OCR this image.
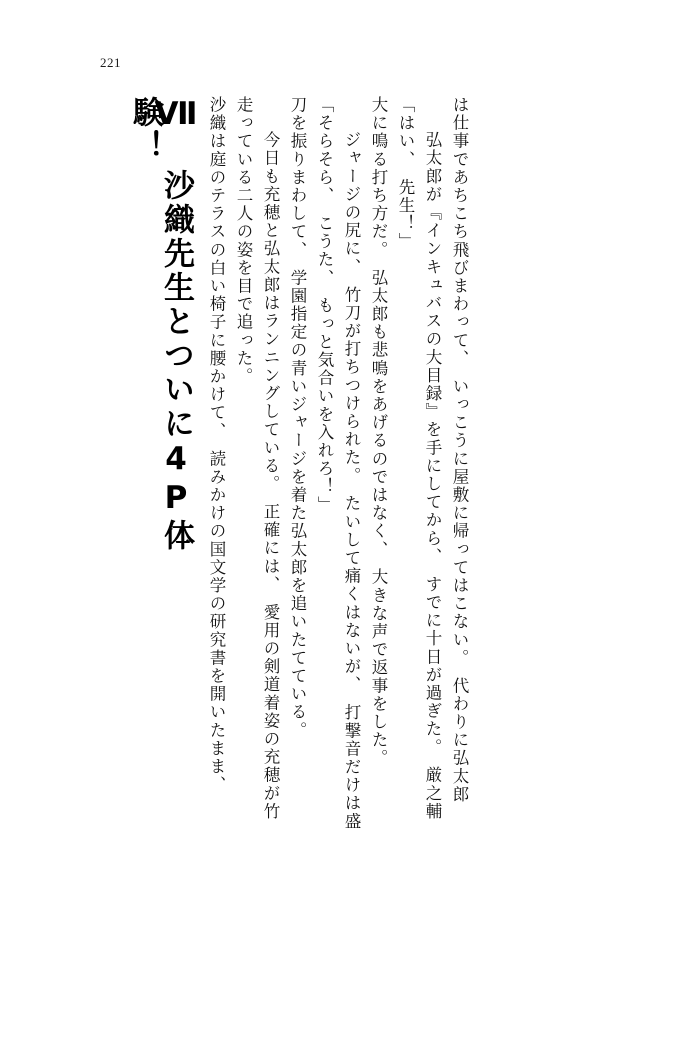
221
Ⅶ　沙織先生とついに4P体験！	沙織は庭のテラスの白い椅子に腰かけて、　読みかけの国文学の研究書を開いたまま、 走っている二人の姿を目で追った。 　今日も充穂と弘太郎はランニングしている。　正確には、　愛用の剣道着姿の充穂が竹 刀を振りまわして、　学園指定の青いジャージを着た弘太郎を追いたてている。 「そらそら、　こうた、　もっと気合いを入れろ！」 　ジャージの尻に、　竹刀が打ちつけられた。　たいして痛くはないが、　打撃音だけは盛 大に鳴る打ち方だ。　弘太郎も悲鳴をあげるのではなく、　大きな声で返事をした。 「はい、　先生！」 　弘太郎が『インキュバスの大目録』を手にしてから、　すでに十日が過ぎた。　厳之輔 は仕事であちこち飛びまわって、　いっこうに屋敷に帰ってはこない。　代わりに弘太郎
